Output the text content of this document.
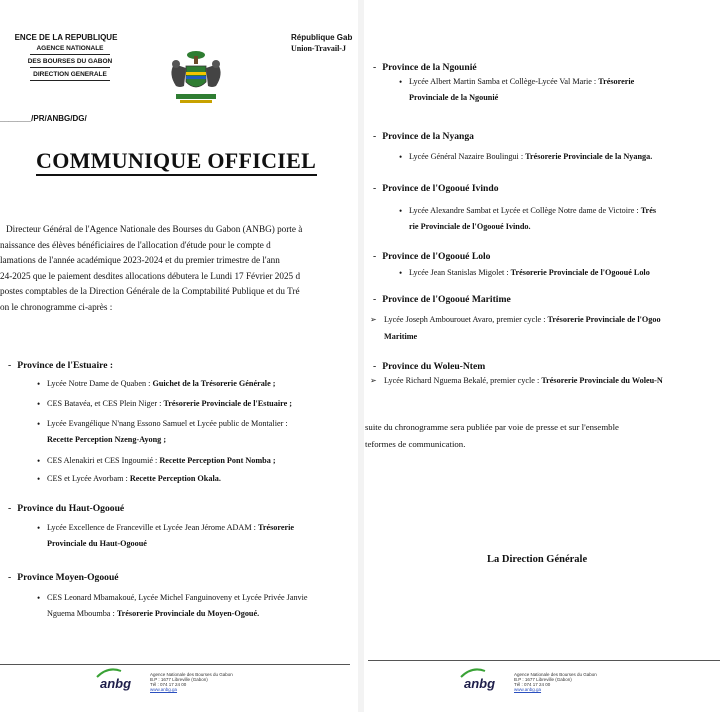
ENCE DE LA REPUBLIQUE
AGENCE NATIONALE
DES BOURSES DU GABON
DIRECTION GENERALE
_______/PR/ANBG/DG/
République Gab
Union-Travail-J
COMMUNIQUE OFFICIEL
Directeur Général de l'Agence Nationale des Bourses du Gabon (ANBG) porte à
naissance des élèves bénéficiaires de l'allocation d'étude pour le compte d
lamations de l'année académique 2023-2024 et du premier trimestre de l'ann
24-2025 que le paiement desdites allocations débutera le Lundi 17 Février 2025 d
postes comptables de la Direction Générale de la Comptabilité Publique et du Tré
on le chronogramme ci-après :
- Province de l'Estuaire :
• Lycée Notre Dame de Quaben : Guichet de la Trésorerie Générale ;
• CES Batavéa, et CES Plein Niger : Trésorerie Provinciale de l'Estuaire ;
• Lycée Evangélique N'nang Essono Samuel et Lycée public de Montalier :
Recette Perception Nzeng-Ayong ;
• CES Alenakiri et CES Ingoumié : Recette Perception Pont Nomba ;
• CES et Lycée Avorbam : Recette Perception Okala.
- Province du Haut-Ogooué
• Lycée Excellence de Franceville et Lycée Jean Jérome ADAM : Trésorerie
Provinciale du Haut-Ogooué
- Province Moyen-Ogooué
• CES Leonard Mbamakoué, Lycée Michel Fanguinoveny et Lycée Privée Janvie
Nguema Mbоumba : Trésorerie Provinciale du Moyen-Ogoué.
anbg
Agence Nationale des Bourses du Gabon
B.P : 1677 Libreville (Gabon)
Tél : 074 17 24 00
www.anbg.ga
- Province de la Ngounié
• Lycée Albert Martin Samba et Collège-Lycée Val Marie : Trésorerie
Provinciale de la Ngounié
- Province de la Nyanga
• Lycée Général Nazaire Boulingui : Trésorerie Provinciale de la Nyanga.
- Province de l'Ogooué Ivindo
• Lycée Alexandre Sambat et Lycée et Collège Notre dame de Victoire : Trés
rie Provinciale de l'Ogooué Ivindo.
- Province de l'Ogooué Lolo
• Lycée Jean Stanislas Migolet : Trésorerie Provinciale de l'Ogooué Lolo
- Province de l'Ogooué Maritime
➢ Lycée Joseph Ambourouet Avaro, premier cycle : Trésorerie Provinciale de l'Ogoo
Maritime
- Province du Woleu-Ntem
➢ Lycée Richard Nguema Bekalé, premier cycle : Trésorerie Provinciale du Woleu-N
suite du chronogramme sera publiée par voie de presse et sur l'ensemble
teformes de communication.
anbg
Agence Nationale des Bourses du Gabon
B.P : 1677 Libreville (Gabon)
Tél : 074 17 24 00
www.anbg.ga
La Direction Générale
